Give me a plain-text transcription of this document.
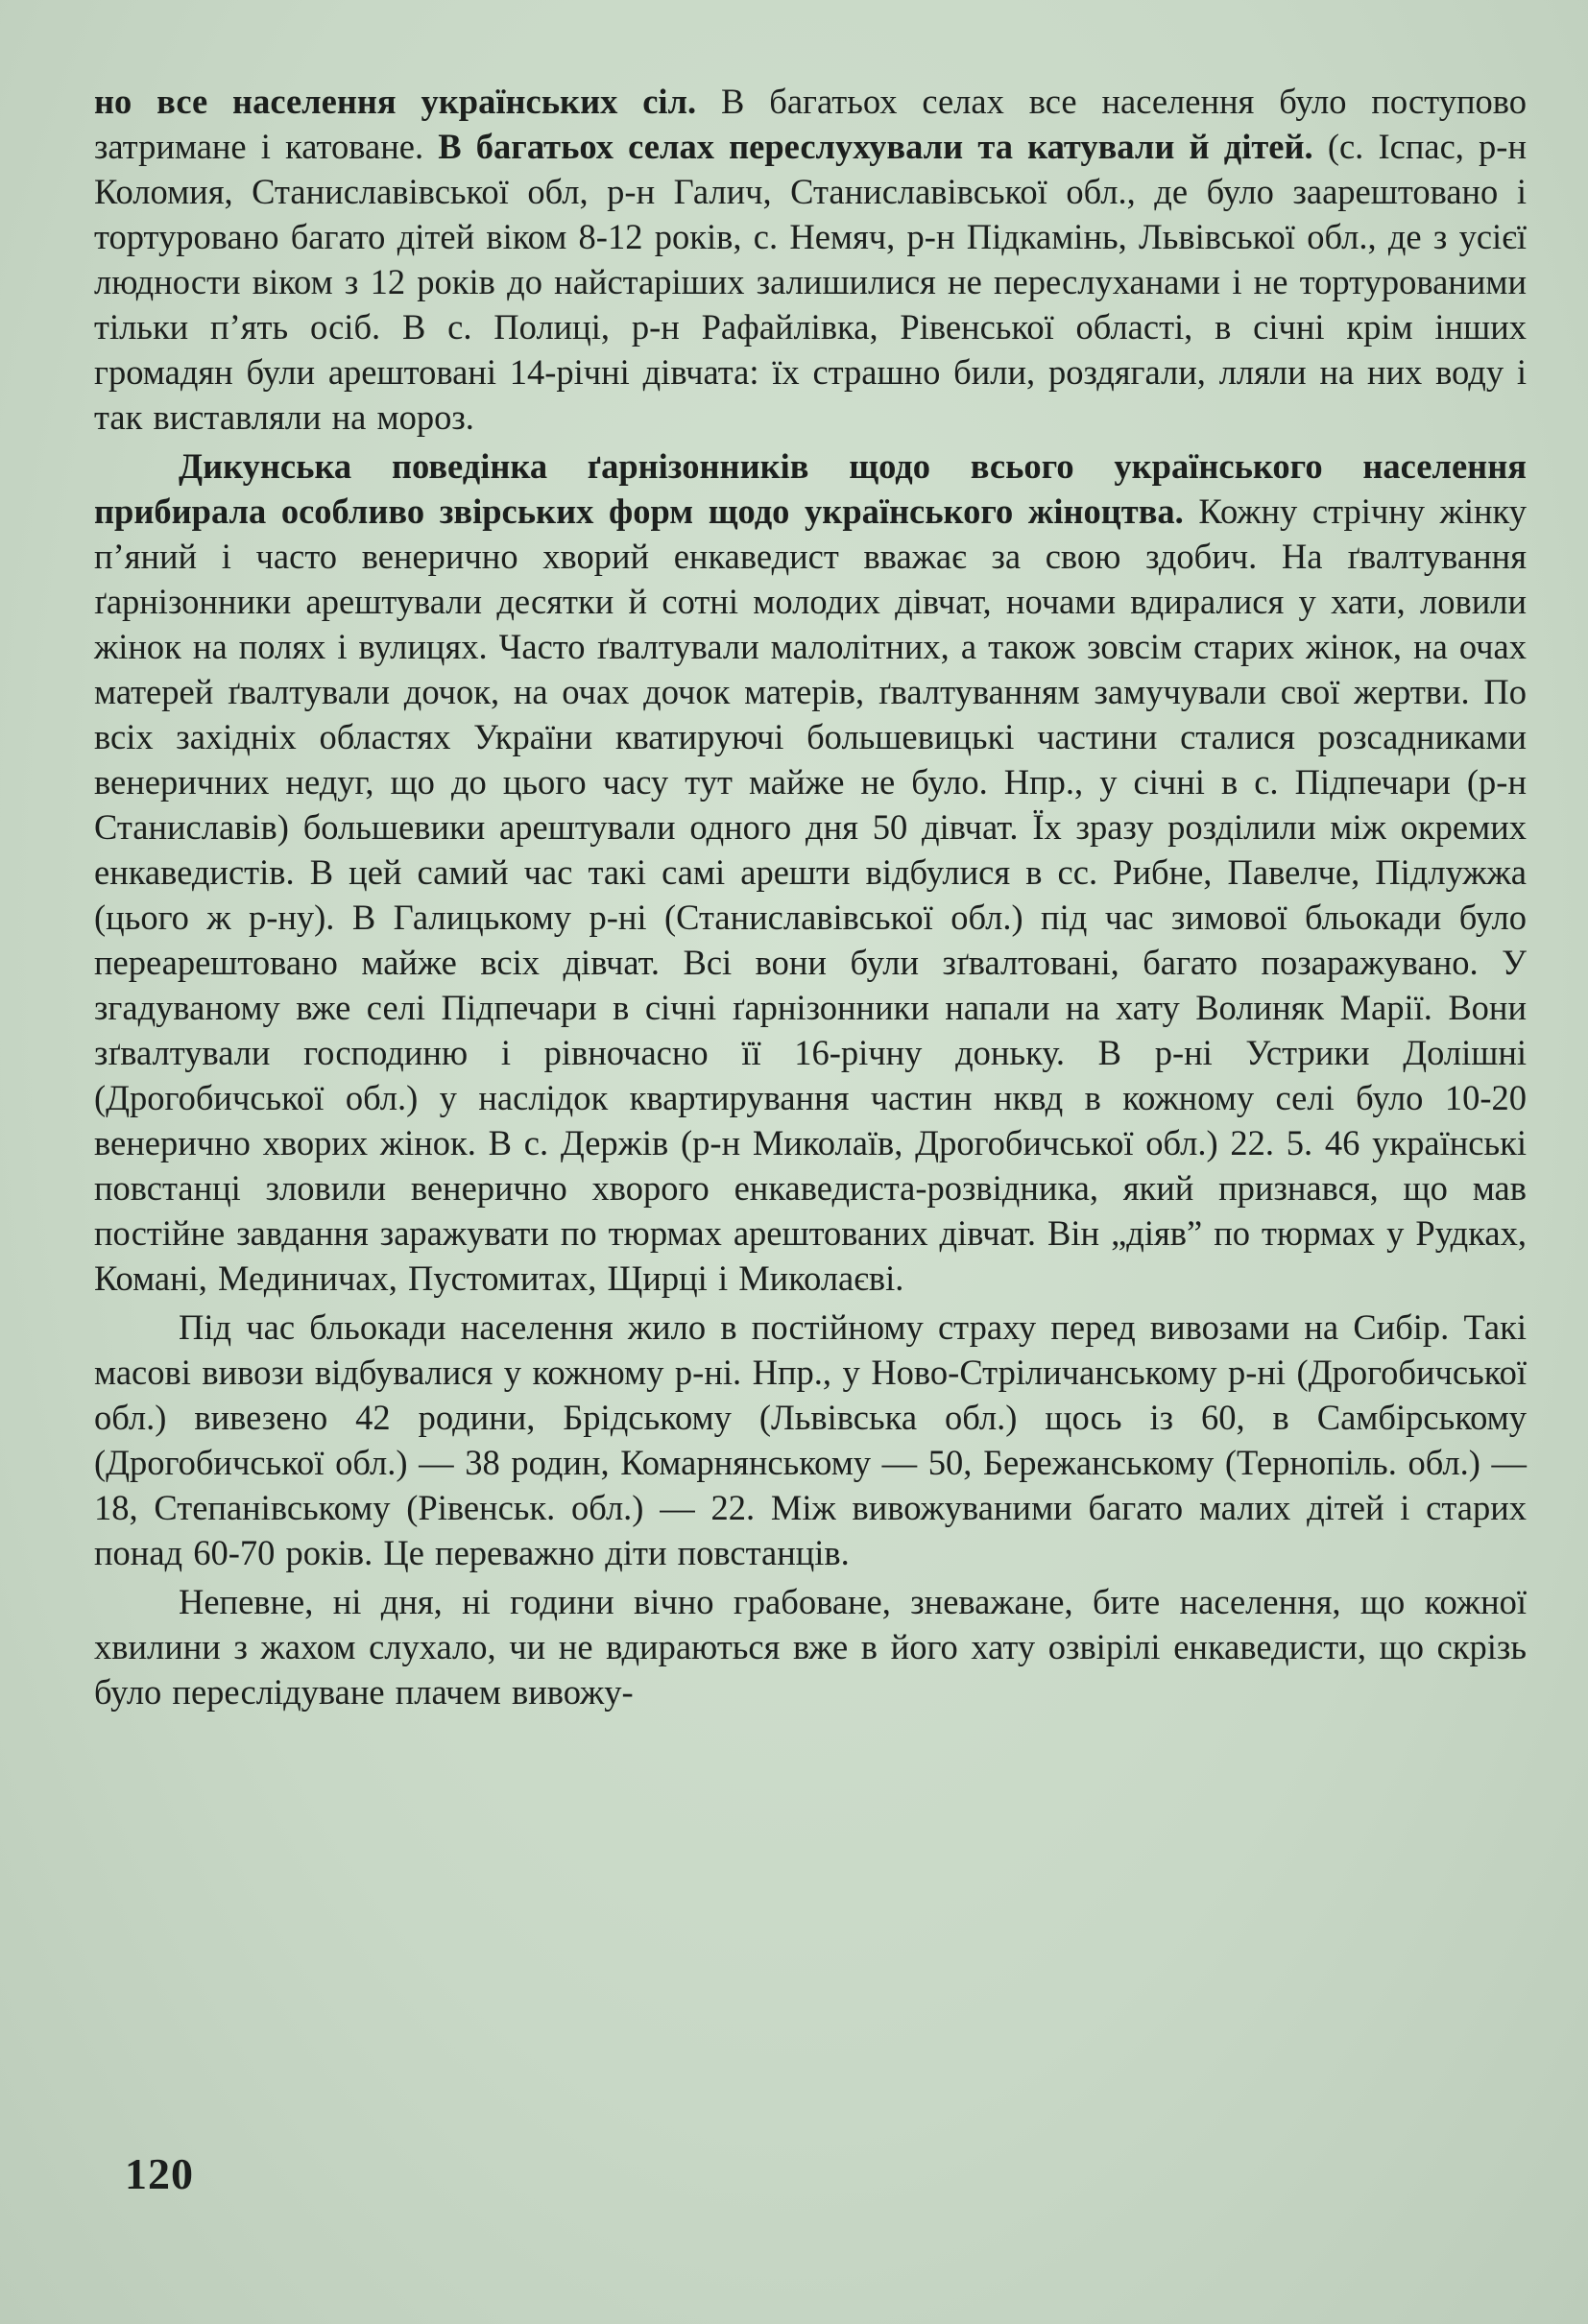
но все населення українських сіл. В багатьох селах все населення було поступово затримане і катоване. В багатьох селах переслухували та катували й дітей. (с. Іспас, р-н Коломия, Станиславівської обл, р-н Галич, Станиславівської обл., де було заарештовано і тортуровано багато дітей віком 8-12 років, с. Немяч, р-н Підкамінь, Львівської обл., де з усієї людности віком з 12 років до найстаріших залишилися не переслуханами і не тортурованими тільки п’ять осіб. В с. Полиці, р-н Рафайлівка, Рівенської області, в січні крім інших громадян були арештовані 14-річні дівчата: їх страшно били, роздягали, лляли на них воду і так виставляли на мороз.

Дикунська поведінка ґарнізонників щодо всього українського населення прибирала особливо звірських форм щодо українського жіноцтва. Кожну стрічну жінку п’яний і часто венерично хворий енкаведист вважає за свою здобич. На ґвалтування ґарнізонники арештували десятки й сотні молодих дівчат, ночами вдиралися у хати, ловили жінок на полях і вулицях. Часто ґвалтували малолітних, а також зовсім старих жінок, на очах матерей ґвалтували дочок, на очах дочок матерів, ґвалтуванням замучували свої жертви. По всіх західніх областях України кватируючі большевицькі частини сталися розсадниками венеричних недуг, що до цього часу тут майже не було. Нпр., у січні в с. Підпечари (р-н Станиславів) большевики арештували одного дня 50 дівчат. Їх зразу розділили між окремих енкаведистів. В цей самий час такі самі арешти відбулися в сс. Рибне, Павелче, Підлужжа (цього ж р-ну). В Галицькому р-ні (Станиславівської обл.) під час зимової бльокади було переарештовано майже всіх дівчат. Всі вони були зґвалтовані, багато позаражувано. У згадуваному вже селі Підпечари в січні ґарнізонники напали на хату Волиняк Марії. Вони зґвалтували господиню і рівночасно її 16-річну доньку. В р-ні Устрики Долішні (Дрогобичської обл.) у наслідок квартирування частин нквд в кожному селі було 10-20 венерично хворих жінок. В с. Держів (р-н Миколаїв, Дрогобичської обл.) 22. 5. 46 українські повстанці зловили венерично хворого енкаведиста-розвідника, який признався, що мав постійне завдання заражувати по тюрмах арештованих дівчат. Він „діяв” по тюрмах у Рудках, Комані, Мединичах, Пустомитах, Щирці і Миколаєві.

Під час бльокади населення жило в постійному страху перед вивозами на Сибір. Такі масові вивози відбувалися у кожному р-ні. Нпр., у Ново-Стріличанському р-ні (Дрогобичської обл.) вивезено 42 родини, Брідському (Львівська обл.) щось із 60, в Самбірському (Дрогобичської обл.) — 38 родин, Комарнянському — 50, Бережанському (Тернопіль. обл.) — 18, Степанівському (Рівенськ. обл.) — 22. Між вивожуваними багато малих дітей і старих понад 60-70 років. Це переважно діти повстанців.

Непевне, ні дня, ні години вічно грабоване, зневажане, бите населення, що кожної хвилини з жахом слухало, чи не вдираються вже в його хату озвірілі енкаведисти, що скрізь було переслідуване плачем вивожу-

120
